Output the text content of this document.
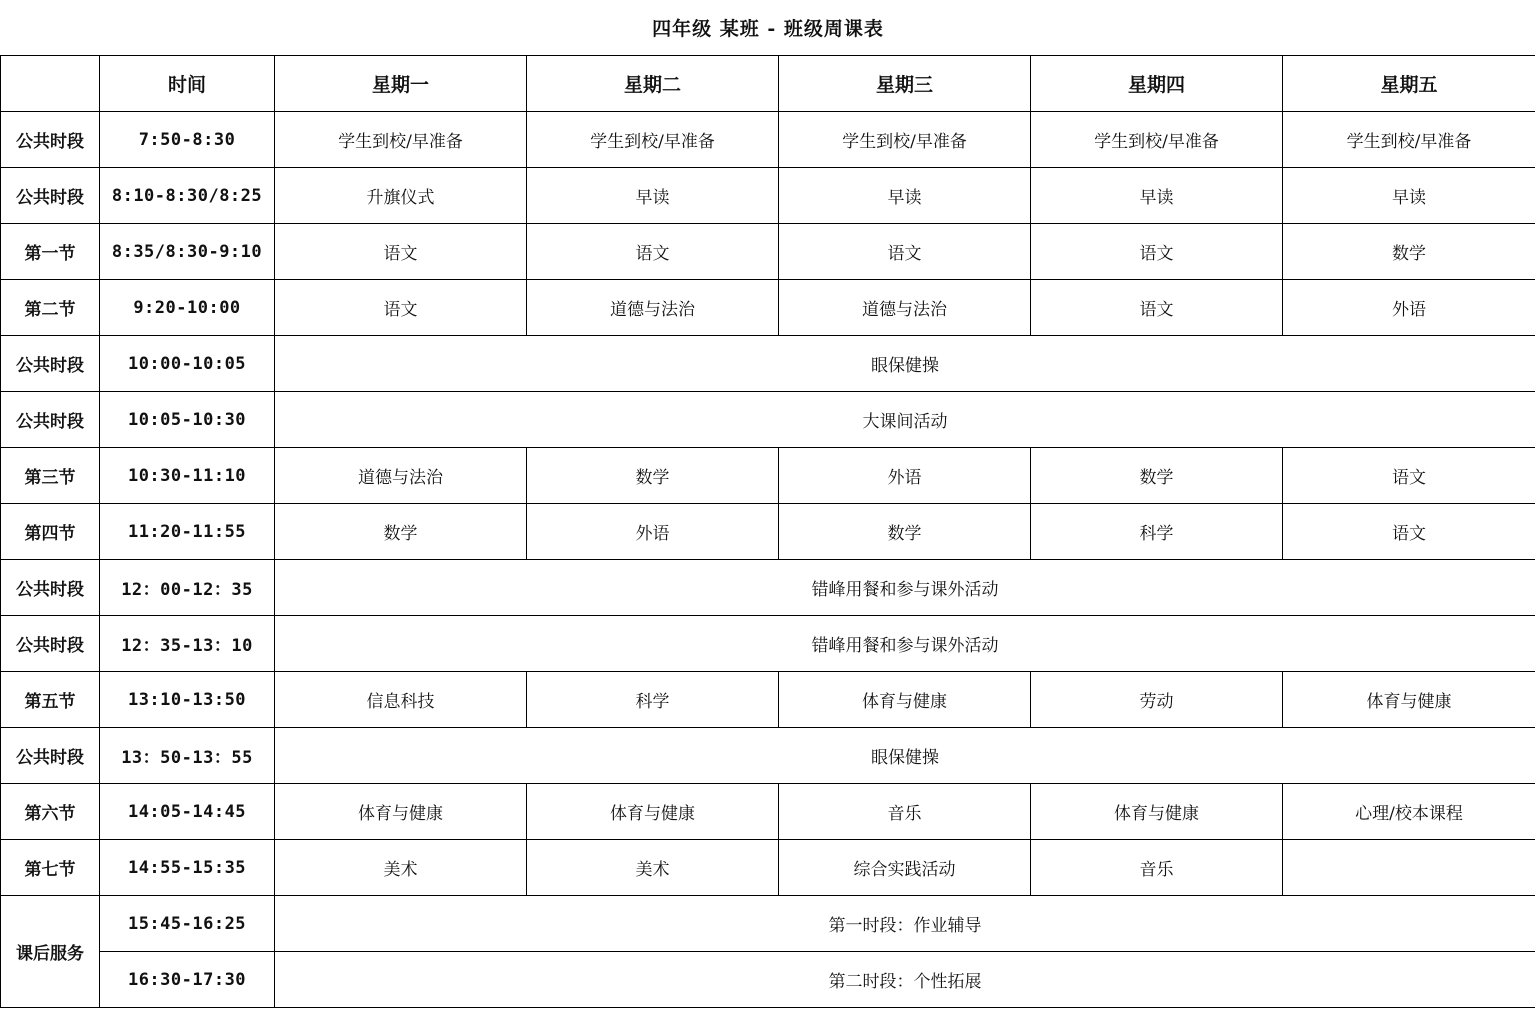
四年级 某班 - 班级周课表						
	时间	星期一	星期二	星期三	星期四	星期五
公共时段	7:50-8:30	学生到校/早准备	学生到校/早准备	学生到校/早准备	学生到校/早准备	学生到校/早准备
公共时段	8:10-8:30/8:25	升旗仪式	早读	早读	早读	早读
第一节	8:35/8:30-9:10	语文	语文	语文	语文	数学
第二节	9:20-10:00	语文	道德与法治	道德与法治	语文	外语
公共时段	10:00-10:05	眼保健操				
公共时段	10:05-10:30	大课间活动				
第三节	10:30-11:10	道德与法治	数学	外语	数学	语文
第四节	11:20-11:55	数学	外语	数学	科学	语文
公共时段	12：00-12：35	错峰用餐和参与课外活动				
公共时段	12：35-13：10	错峰用餐和参与课外活动				
第五节	13:10-13:50	信息科技	科学	体育与健康	劳动	体育与健康
公共时段	13：50-13：55	眼保健操				
第六节	14:05-14:45	体育与健康	体育与健康	音乐	体育与健康	心理/校本课程
第七节	14:55-15:35	美术	美术	综合实践活动	音乐	
课后服务	15:45-16:25	第一时段：作业辅导				
	16:30-17:30	第二时段：个性拓展				
